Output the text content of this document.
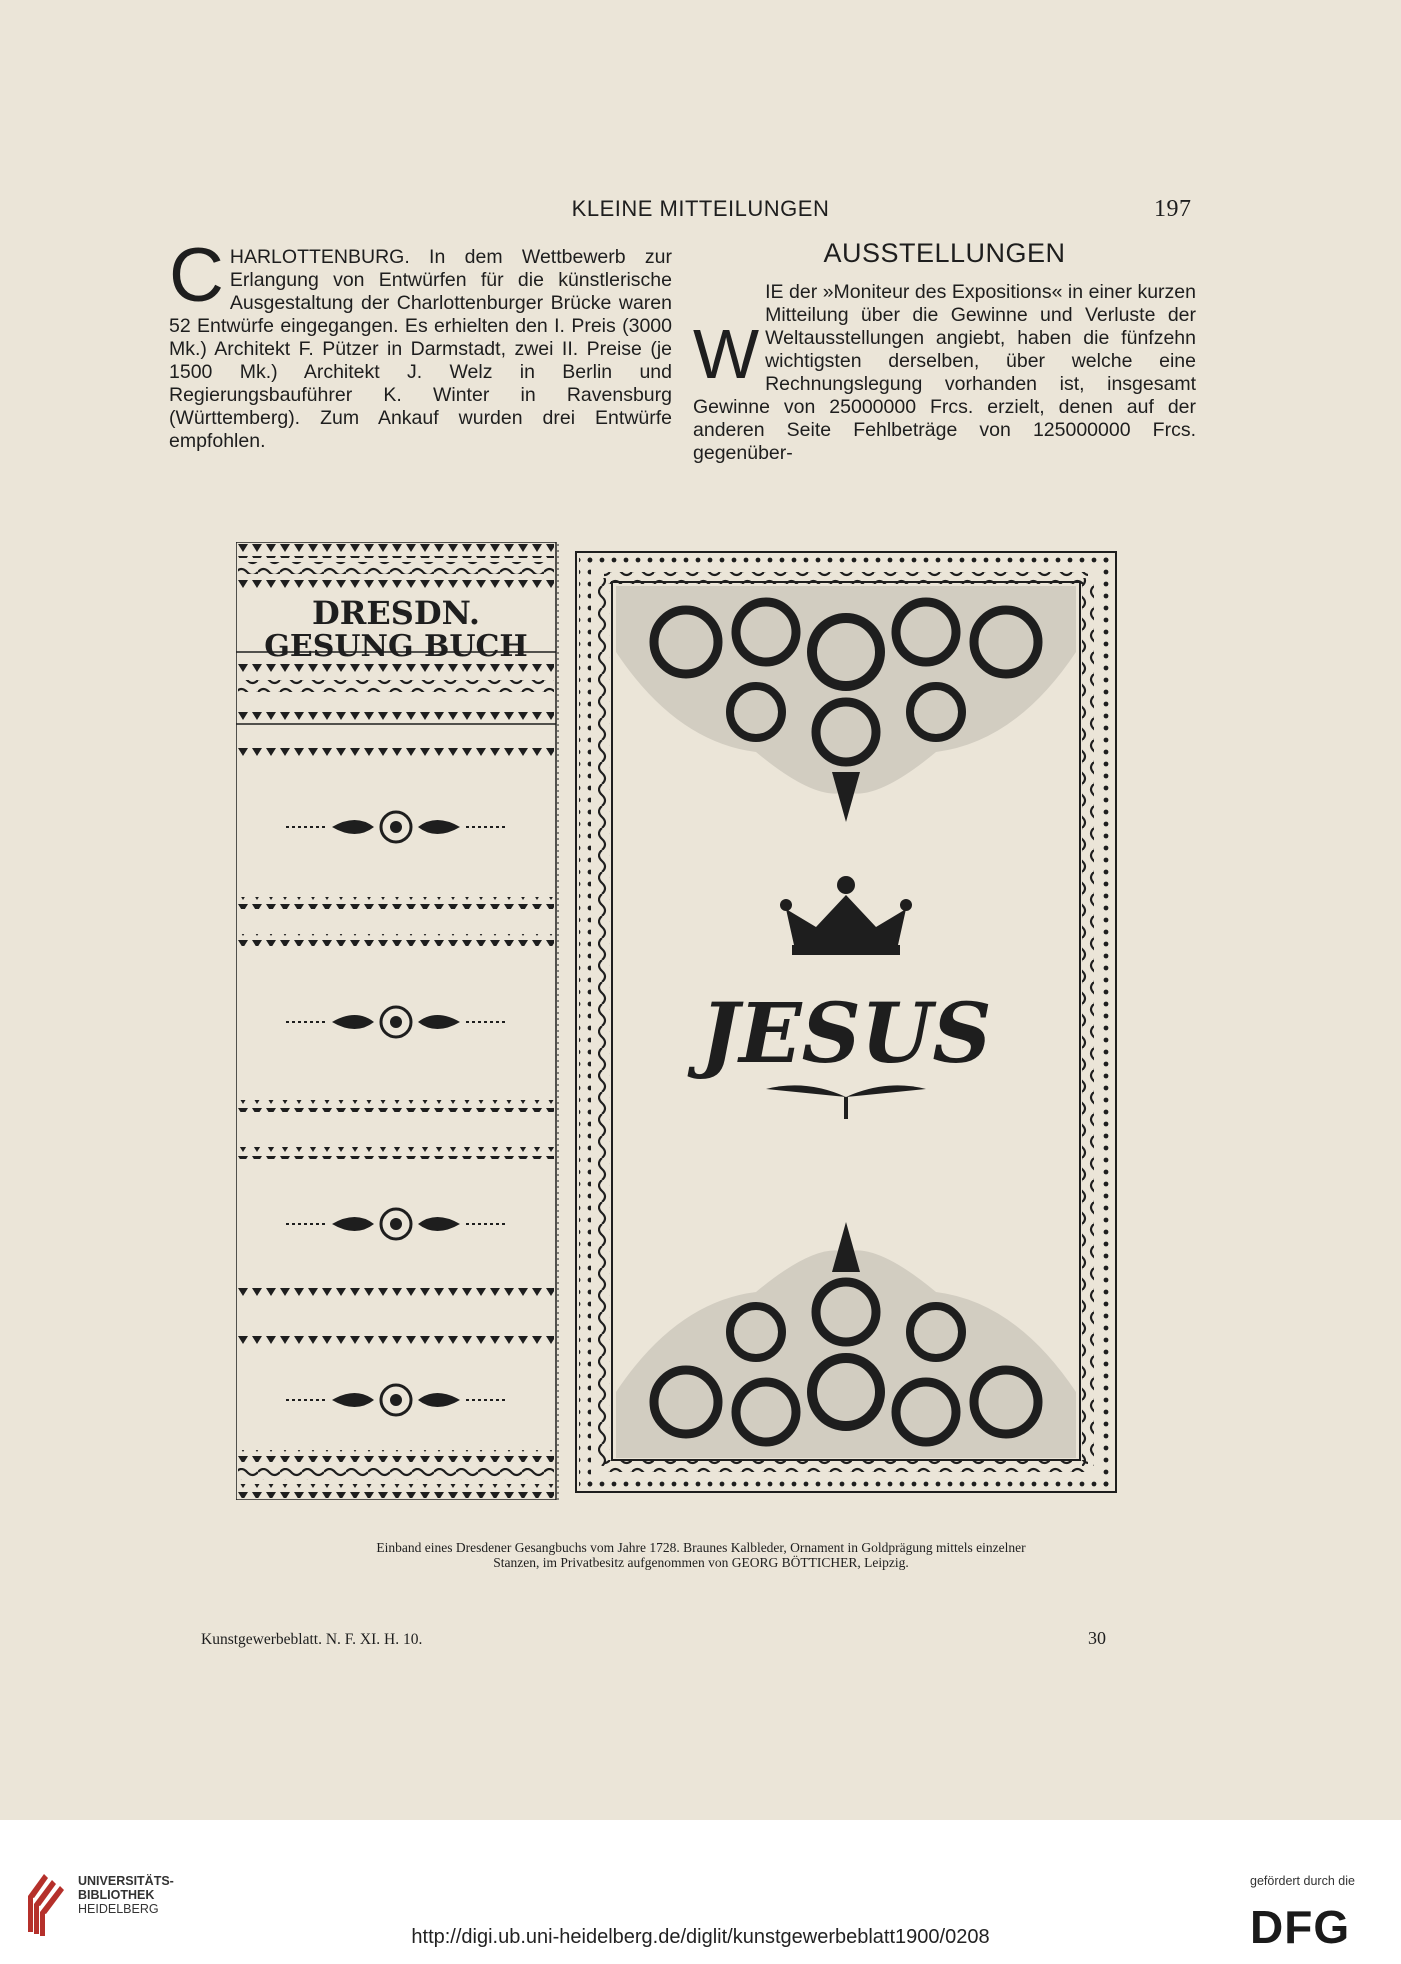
KLEINE MITTEILUNGEN	197
C HARLOTTENBURG. In dem Wettbewerb zur Erlangung von Entwürfen für die künstlerische Ausgestaltung der Charlottenburger Brücke waren 52 Entwürfe eingegangen. Es erhielten den I. Preis (3000 Mk.) Architekt F. Pützer in Darmstadt, zwei II. Preise (je 1500 Mk.) Architekt J. Welz in Berlin und Regierungsbauführer K. Winter in Ravensburg (Württemberg). Zum Ankauf wurden drei Entwürfe empfohlen.
AUSSTELLUNGEN
W
IE der »Moniteur des Expositions« in einer kurzen Mitteilung über die Gewinne und Verluste der Weltausstellungen angiebt, haben die fünfzehn wichtigsten derselben, über welche eine Rechnungslegung vorhanden ist, insgesamt Gewinne von 25000000 Frcs. erzielt, denen auf der anderen Seite Fehlbeträge von 125000000 Frcs. gegenüber-
DRESDN.
GESUNG BUCH
JESUS
Einband eines Dresdener Gesangbuchs vom Jahre 1728. Braunes Kalbleder, Ornament in Goldprägung mittels einzelner
Stanzen, im Privatbesitz aufgenommen von GEORG BÖTTICHER, Leipzig.
Kunstgewerbeblatt. N. F. XI. H. 10.	30
UNIVERSITÄTS-
BIBLIOTHEK
HEIDELBERG
http://digi.ub.uni-heidelberg.de/diglit/kunstgewerbeblatt1900/0208
gefördert durch die
DFG
